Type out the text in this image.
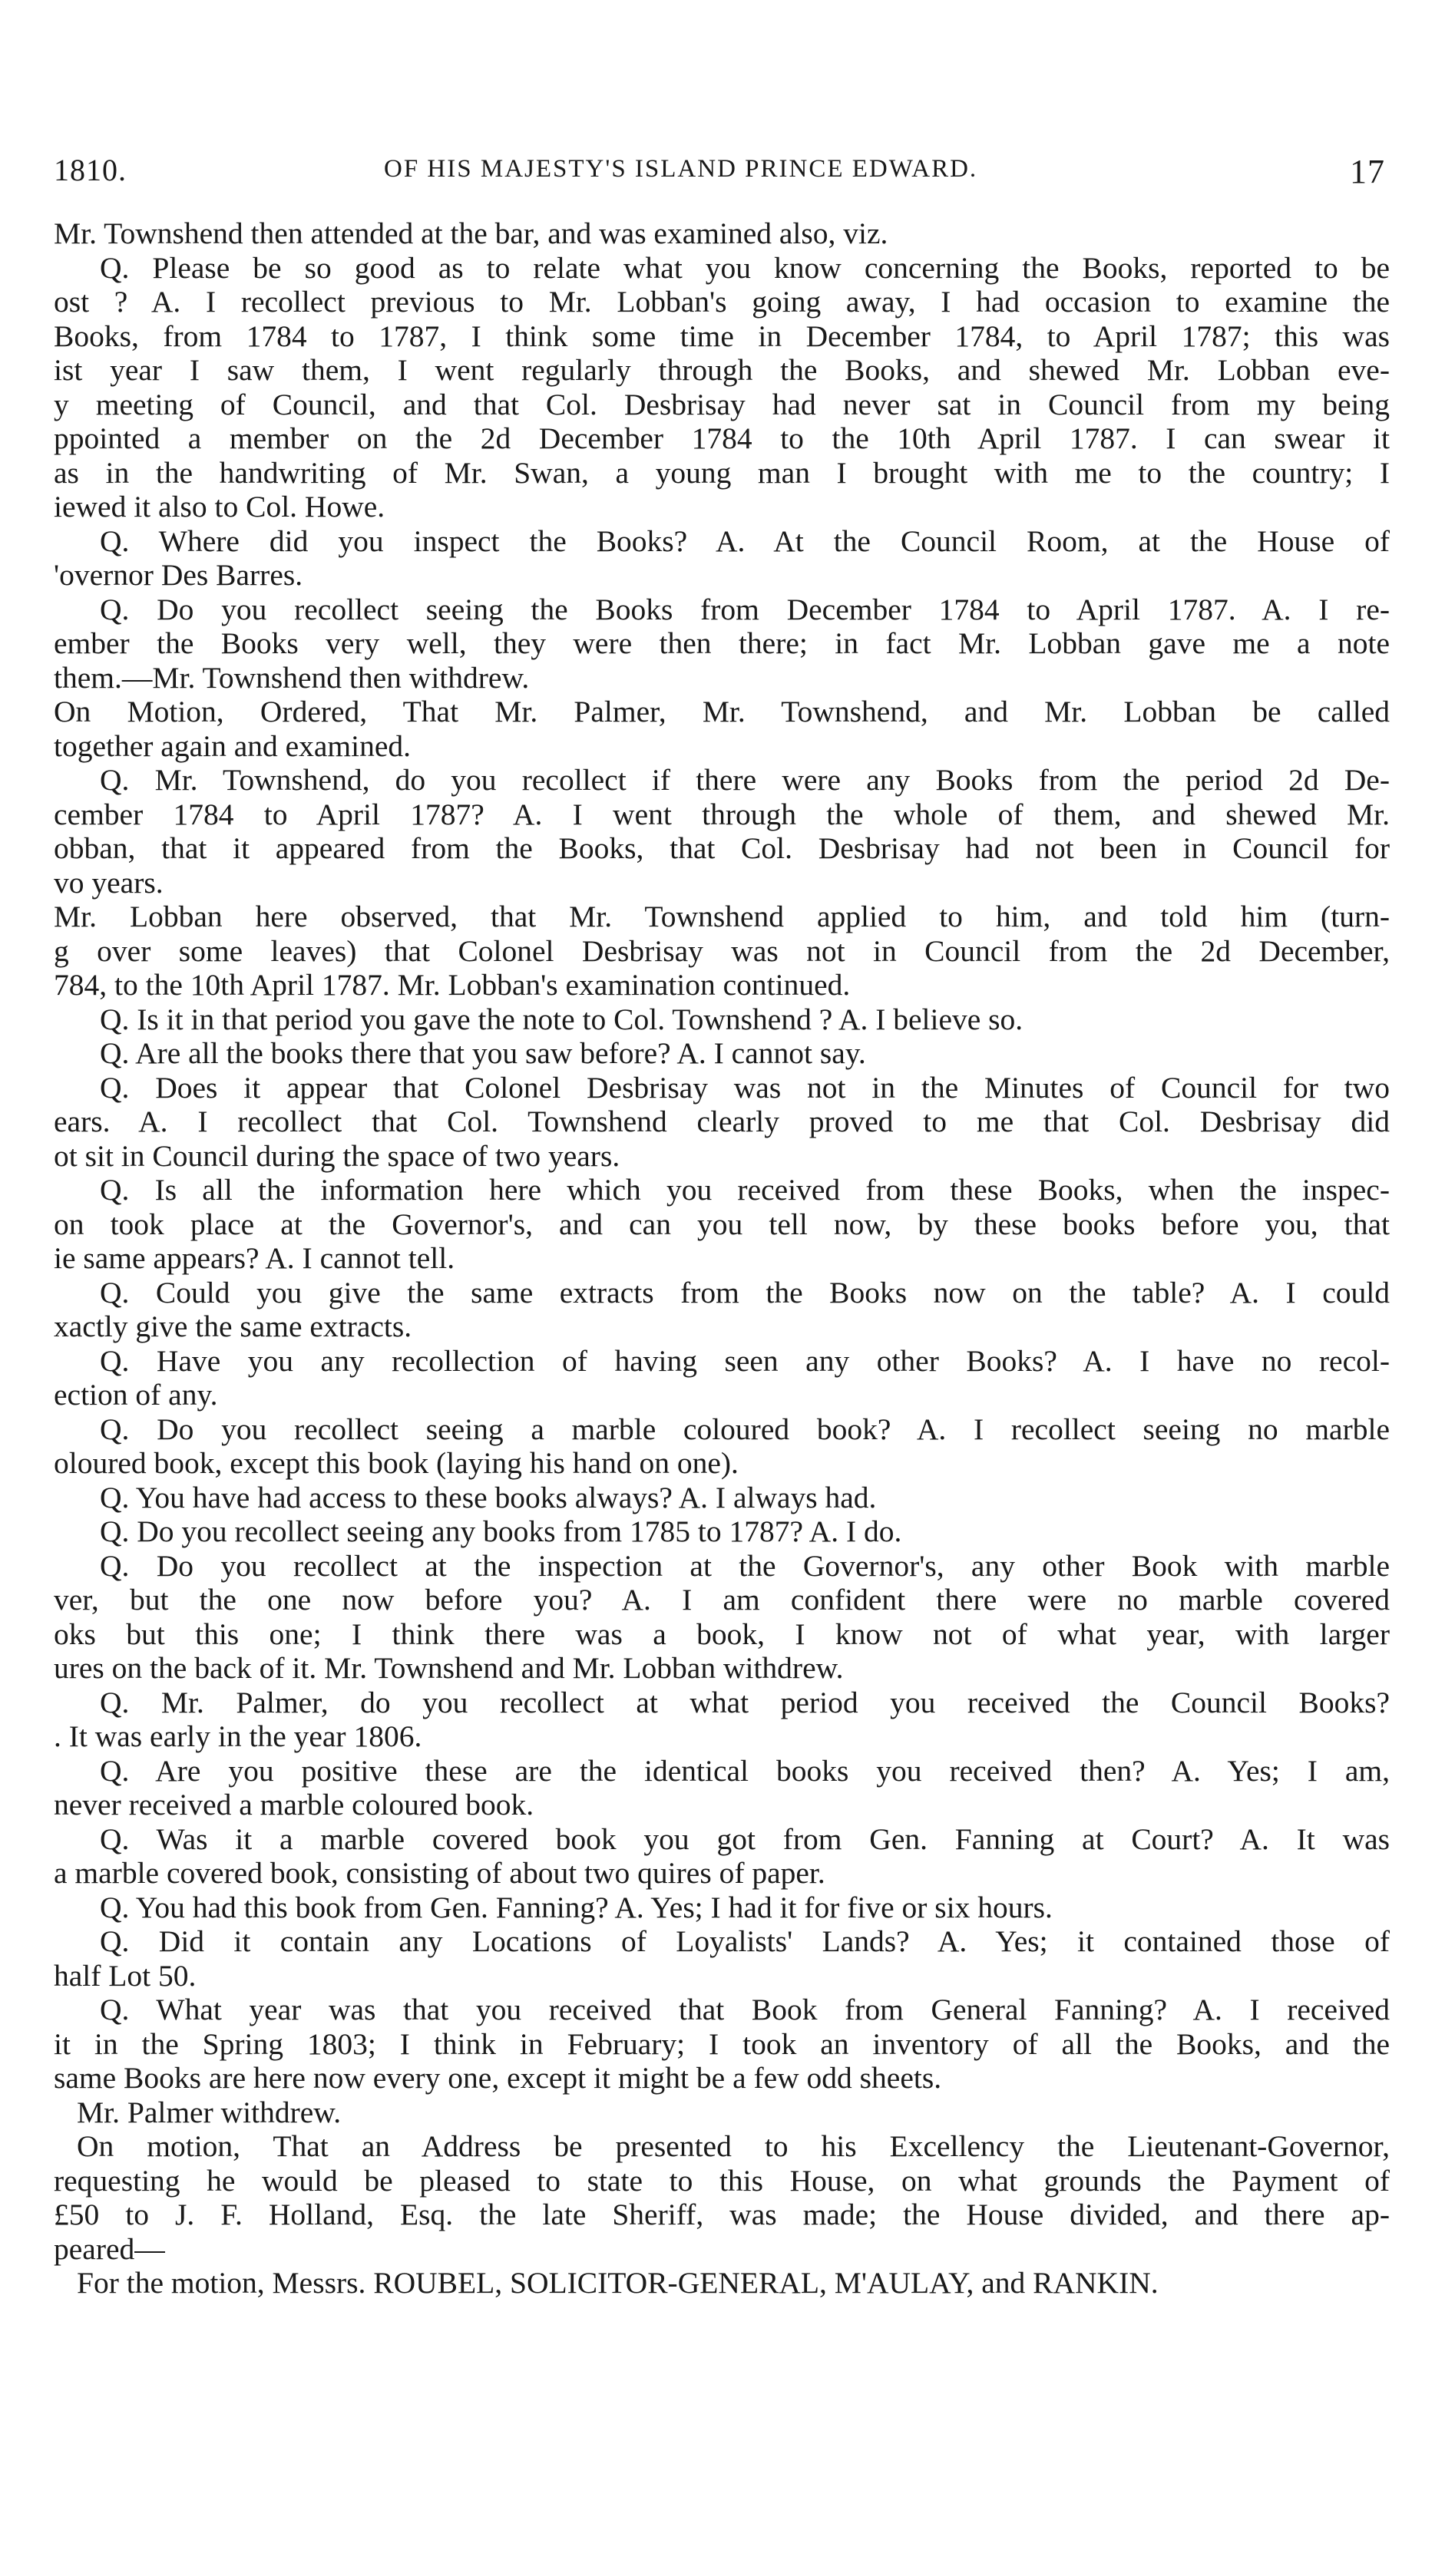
1810.	OF HIS MAJESTY'S ISLAND PRINCE EDWARD.	17
Mr. Townshend then attended at the bar, and was examined also, viz.
Q. Please be so good as to relate what you know concerning the Books, reported to be
ost ? A. I recollect previous to Mr. Lobban's going away, I had occasion to examine the
Books, from 1784 to 1787, I think some time in December 1784, to April 1787; this was
ist year I saw them, I went regularly through the Books, and shewed Mr. Lobban eve-
y meeting of Council, and that Col. Desbrisay had never sat in Council from my being
ppointed a member on the 2d December 1784 to the 10th April 1787. I can swear it
as in the handwriting of Mr. Swan, a young man I brought with me to the country; I
iewed it also to Col. Howe.
Q. Where did you inspect the Books? A. At the Council Room, at the House of
'overnor Des Barres.
Q. Do you recollect seeing the Books from December 1784 to April 1787. A. I re-
ember the Books very well, they were then there; in fact Mr. Lobban gave me a note
them.—Mr. Townshend then withdrew.
On Motion, Ordered, That Mr. Palmer, Mr. Townshend, and Mr. Lobban be called
together again and examined.
Q. Mr. Townshend, do you recollect if there were any Books from the period 2d De-
cember 1784 to April 1787? A. I went through the whole of them, and shewed Mr.
obban, that it appeared from the Books, that Col. Desbrisay had not been in Council for
vo years.
Mr. Lobban here observed, that Mr. Townshend applied to him, and told him (turn-
g over some leaves) that Colonel Desbrisay was not in Council from the 2d December,
784, to the 10th April 1787. Mr. Lobban's examination continued.
Q. Is it in that period you gave the note to Col. Townshend ? A. I believe so.
Q. Are all the books there that you saw before? A. I cannot say.
Q. Does it appear that Colonel Desbrisay was not in the Minutes of Council for two
ears. A. I recollect that Col. Townshend clearly proved to me that Col. Desbrisay did
ot sit in Council during the space of two years.
Q. Is all the information here which you received from these Books, when the inspec-
on took place at the Governor's, and can you tell now, by these books before you, that
ie same appears? A. I cannot tell.
Q. Could you give the same extracts from the Books now on the table? A. I could
xactly give the same extracts.
Q. Have you any recollection of having seen any other Books? A. I have no recol-
ection of any.
Q. Do you recollect seeing a marble coloured book? A. I recollect seeing no marble
oloured book, except this book (laying his hand on one).
Q. You have had access to these books always? A. I always had.
Q. Do you recollect seeing any books from 1785 to 1787? A. I do.
Q. Do you recollect at the inspection at the Governor's, any other Book with marble
ver, but the one now before you? A. I am confident there were no marble covered
oks but this one; I think there was a book, I know not of what year, with larger
ures on the back of it. Mr. Townshend and Mr. Lobban withdrew.
Q. Mr. Palmer, do you recollect at what period you received the Council Books?
. It was early in the year 1806.
Q. Are you positive these are the identical books you received then? A. Yes; I am,
never received a marble coloured book.
Q. Was it a marble covered book you got from Gen. Fanning at Court? A. It was
a marble covered book, consisting of about two quires of paper.
Q. You had this book from Gen. Fanning? A. Yes; I had it for five or six hours.
Q. Did it contain any Locations of Loyalists' Lands? A. Yes; it contained those of
half Lot 50.
Q. What year was that you received that Book from General Fanning? A. I received
it in the Spring 1803; I think in February; I took an inventory of all the Books, and the
same Books are here now every one, except it might be a few odd sheets.
Mr. Palmer withdrew.
On motion, That an Address be presented to his Excellency the Lieutenant-Governor,
requesting he would be pleased to state to this House, on what grounds the Payment of
£50 to J. F. Holland, Esq. the late Sheriff, was made; the House divided, and there ap-
peared—
For the motion, Messrs. ROUBEL, SOLICITOR-GENERAL, M'AULAY, and RANKIN.
